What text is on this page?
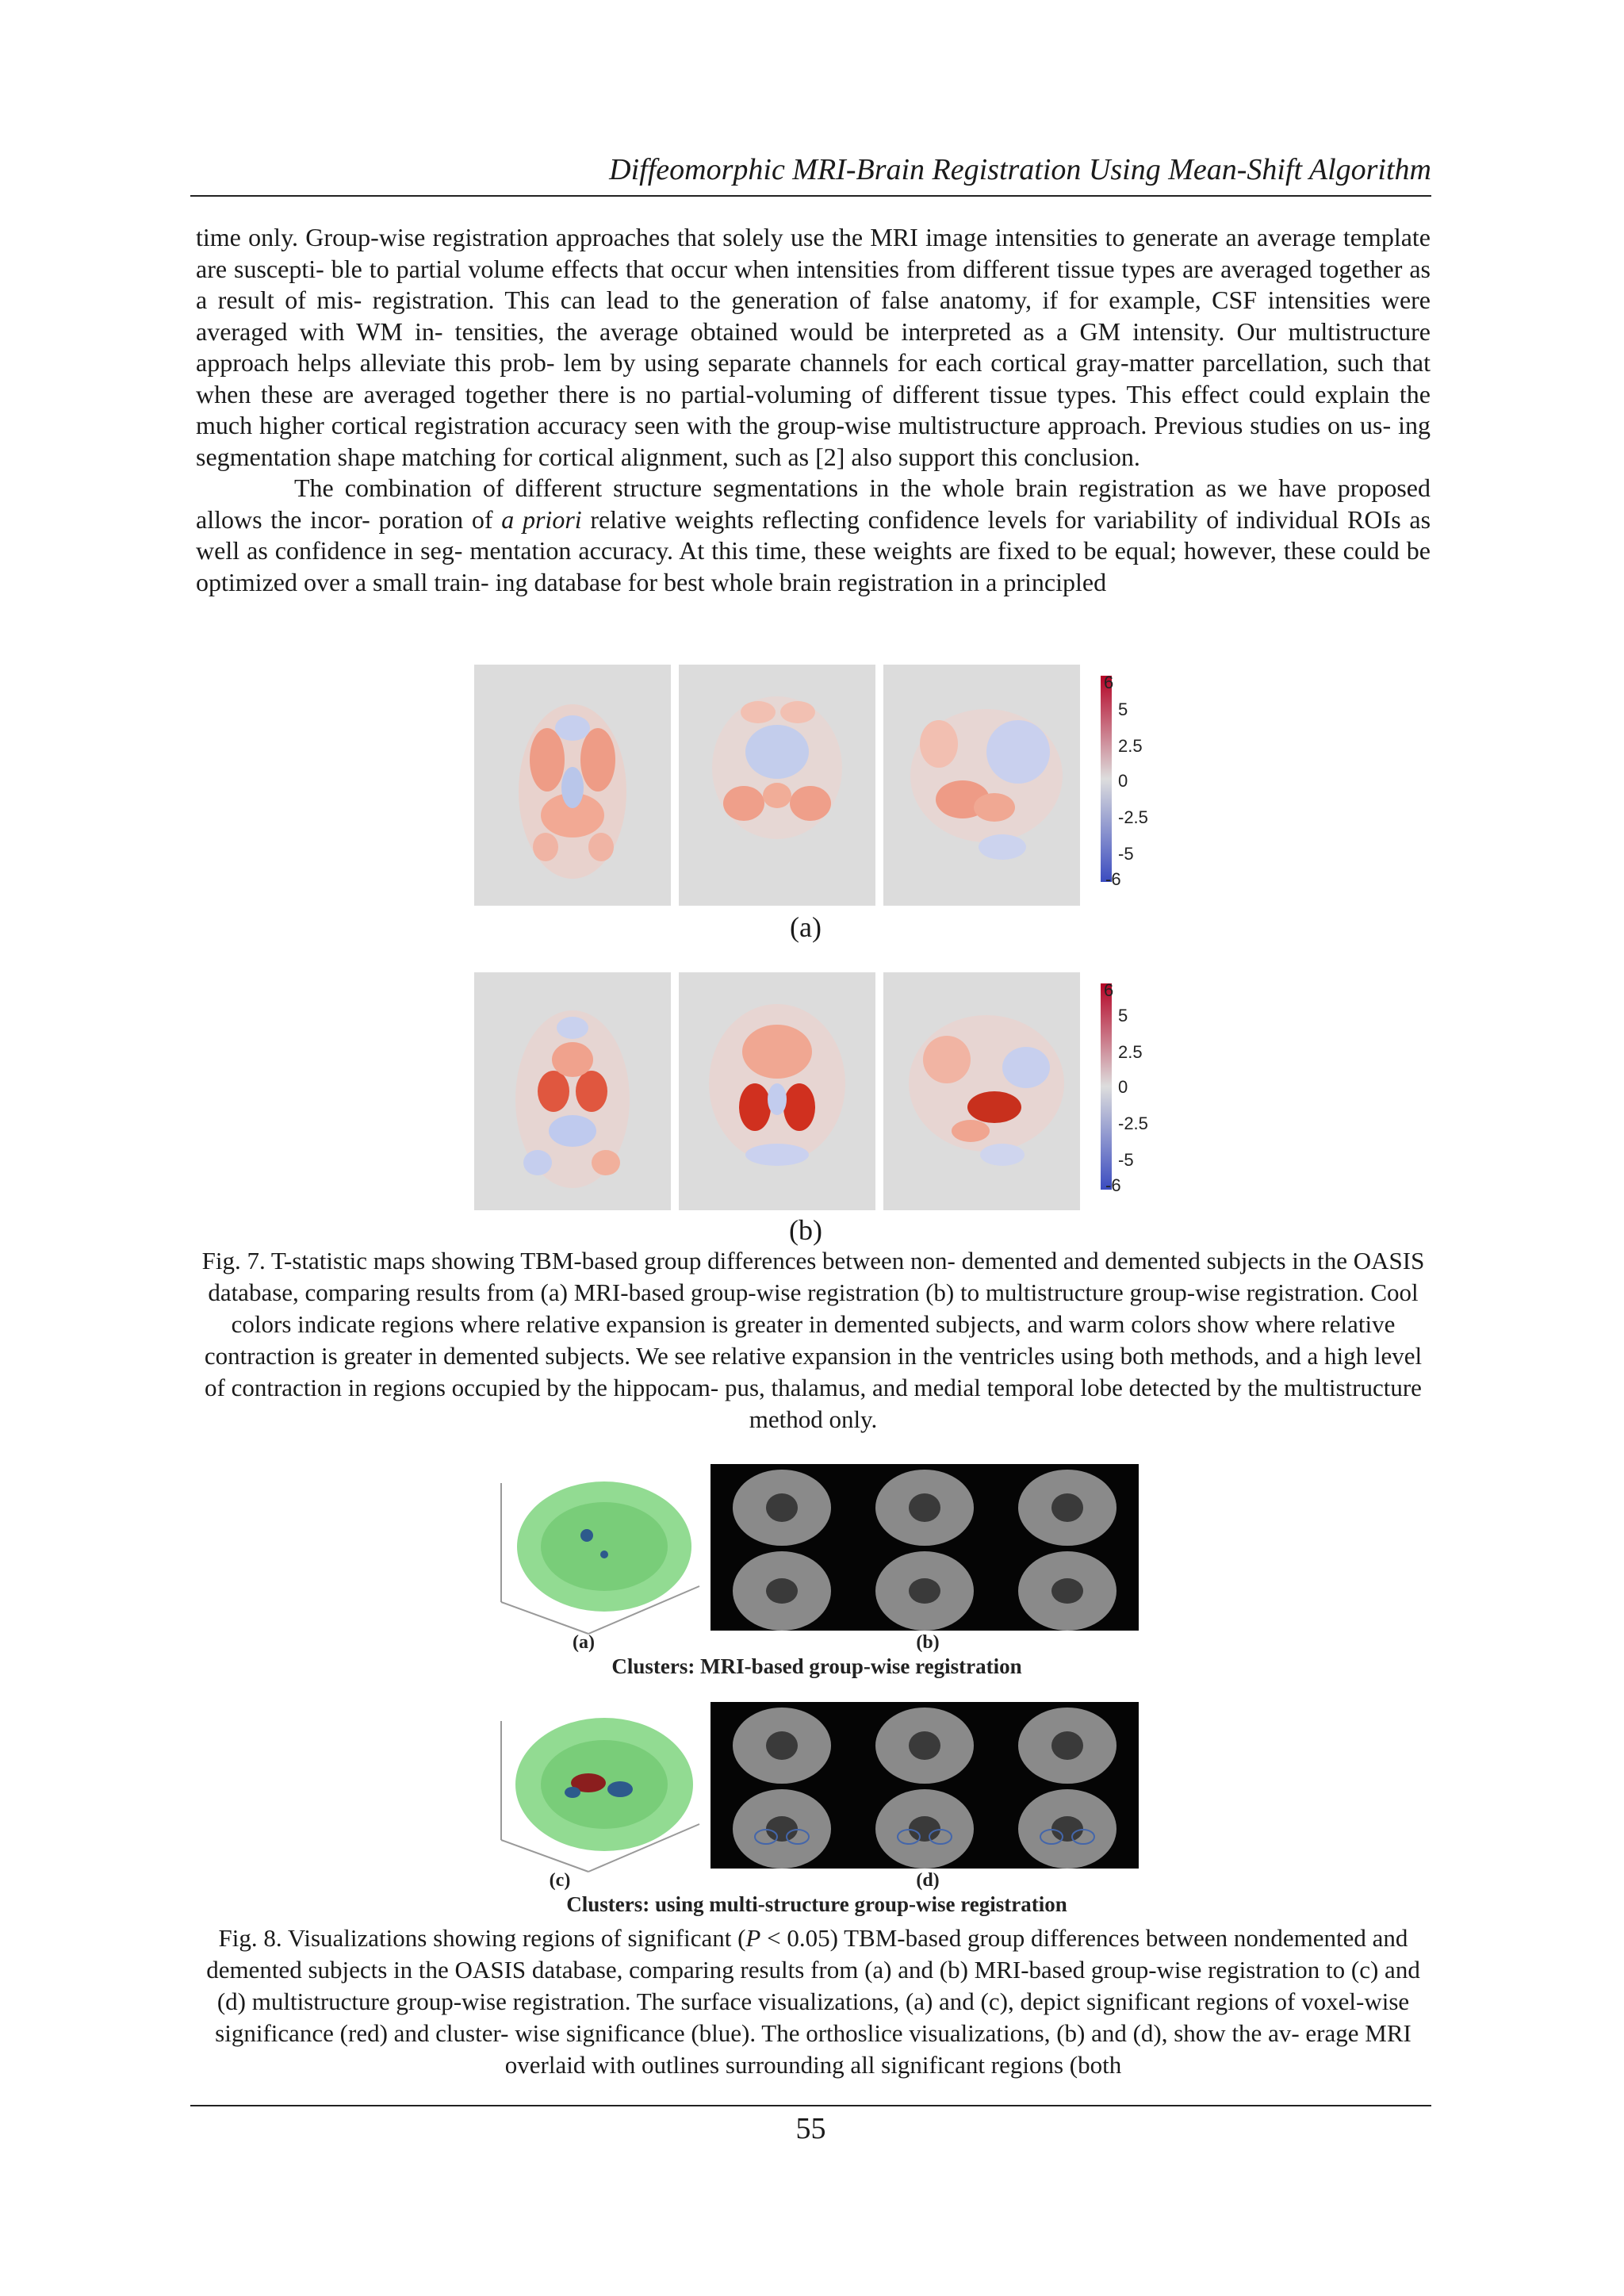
Diffeomorphic MRI-Brain Registration Using Mean-Shift Algorithm

time only. Group-wise registration approaches that solely use the MRI image intensities to generate an average template are suscepti- ble to partial volume effects that occur when intensities from different tissue types are averaged together as a result of mis- registration. This can lead to the generation of false anatomy, if for example, CSF intensities were averaged with WM in- tensities, the average obtained would be interpreted as a GM intensity. Our multistructure approach helps alleviate this prob- lem by using separate channels for each cortical gray-matter parcellation, such that when these are averaged together there is no partial-voluming of different tissue types. This effect could explain the much higher cortical registration accuracy seen with the group-wise multistructure approach. Previous studies on us- ing segmentation shape matching for cortical alignment, such as [2] also support this conclusion.

The combination of different structure segmentations in the whole brain registration as we have proposed allows the incor- poration of a priori relative weights reflecting confidence levels for variability of individual ROIs as well as confidence in seg- mentation accuracy. At this time, these weights are fixed to be equal; however, these could be optimized over a small train- ing database for best whole brain registration in a principled

6
5
2.5
0
-2.5
-5
-6
(a)
6
5
2.5
0
-2.5
-5
-6
(b)
Fig. 7. T-statistic maps showing TBM-based group differences between non- demented and demented subjects in the OASIS database, comparing results from (a) MRI-based group-wise registration (b) to multistructure group-wise registration. Cool colors indicate regions where relative expansion is greater in demented subjects, and warm colors show where relative contraction is greater in demented subjects. We see relative expansion in the ventricles using both methods, and a high level of contraction in regions occupied by the hippocam- pus, thalamus, and medial temporal lobe detected by the multistructure method only.
(a)	(b)
Clusters: MRI-based group-wise registration
(c)	(d)
Clusters: using multi-structure group-wise registration
Fig. 8. Visualizations showing regions of significant (P < 0.05) TBM-based group differences between nondemented and demented subjects in the OASIS database, comparing results from (a) and (b) MRI-based group-wise registration to (c) and (d) multistructure group-wise registration. The surface visualizations, (a) and (c), depict significant regions of voxel-wise significance (red) and cluster- wise significance (blue). The orthoslice visualizations, (b) and (d), show the av- erage MRI overlaid with outlines surrounding all significant regions (both
55
